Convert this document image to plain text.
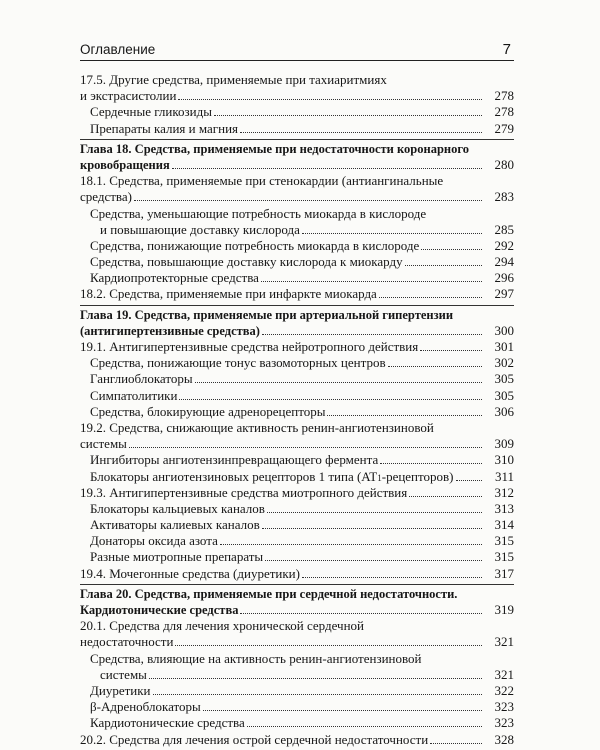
Оглавление	7
17.5. Другие средства, применяемые при тахиаритмиях
и экстрасистолии	278
Сердечные гликозиды	278
Препараты калия и магния	279
Глава 18. Средства, применяемые при недостаточности коронарного
кровобращения	280
18.1. Средства, применяемые при стенокардии (антиангинальные
средства)	283
Средства, уменьшающие потребность миокарда в кислороде
и повышающие доставку кислорода	285
Средства, понижающие потребность миокарда в кислороде	292
Средства, повышающие доставку кислорода к миокарду	294
Кардиопротекторные средства	296
18.2. Средства, применяемые при инфаркте миокарда	297
Глава 19. Средства, применяемые при артериальной гипертензии
(антигипертензивные средства)	300
19.1. Антигипертензивные средства нейротропного действия	301
Средства, понижающие тонус вазомоторных центров	302
Ганглиоблокаторы	305
Симпатолитики	305
Средства, блокирующие адренорецепторы	306
19.2. Средства, снижающие активность ренин-ангиотензиновой
системы	309
Ингибиторы ангиотензинпревращающего фермента	310
Блокаторы ангиотензиновых рецепторов 1 типа (AT 1 -рецепторов)	311
19.3. Антигипертензивные средства миотропного действия	312
Блокаторы кальциевых каналов	313
Активаторы калиевых каналов	314
Донаторы оксида азота	315
Разные миотропные препараты	315
19.4. Мочегонные средства (диуретики)	317
Глава 20. Средства, применяемые при сердечной недостаточности.
Кардиотонические средства	319
20.1. Средства для лечения хронической сердечной
недостаточности	321
Средства, влияющие на активность ренин-ангиотензиновой
системы	321
Диуретики	322
β-Адреноблокаторы	323
Кардиотонические средства	323
20.2. Средства для лечения острой сердечной недостаточности	328
